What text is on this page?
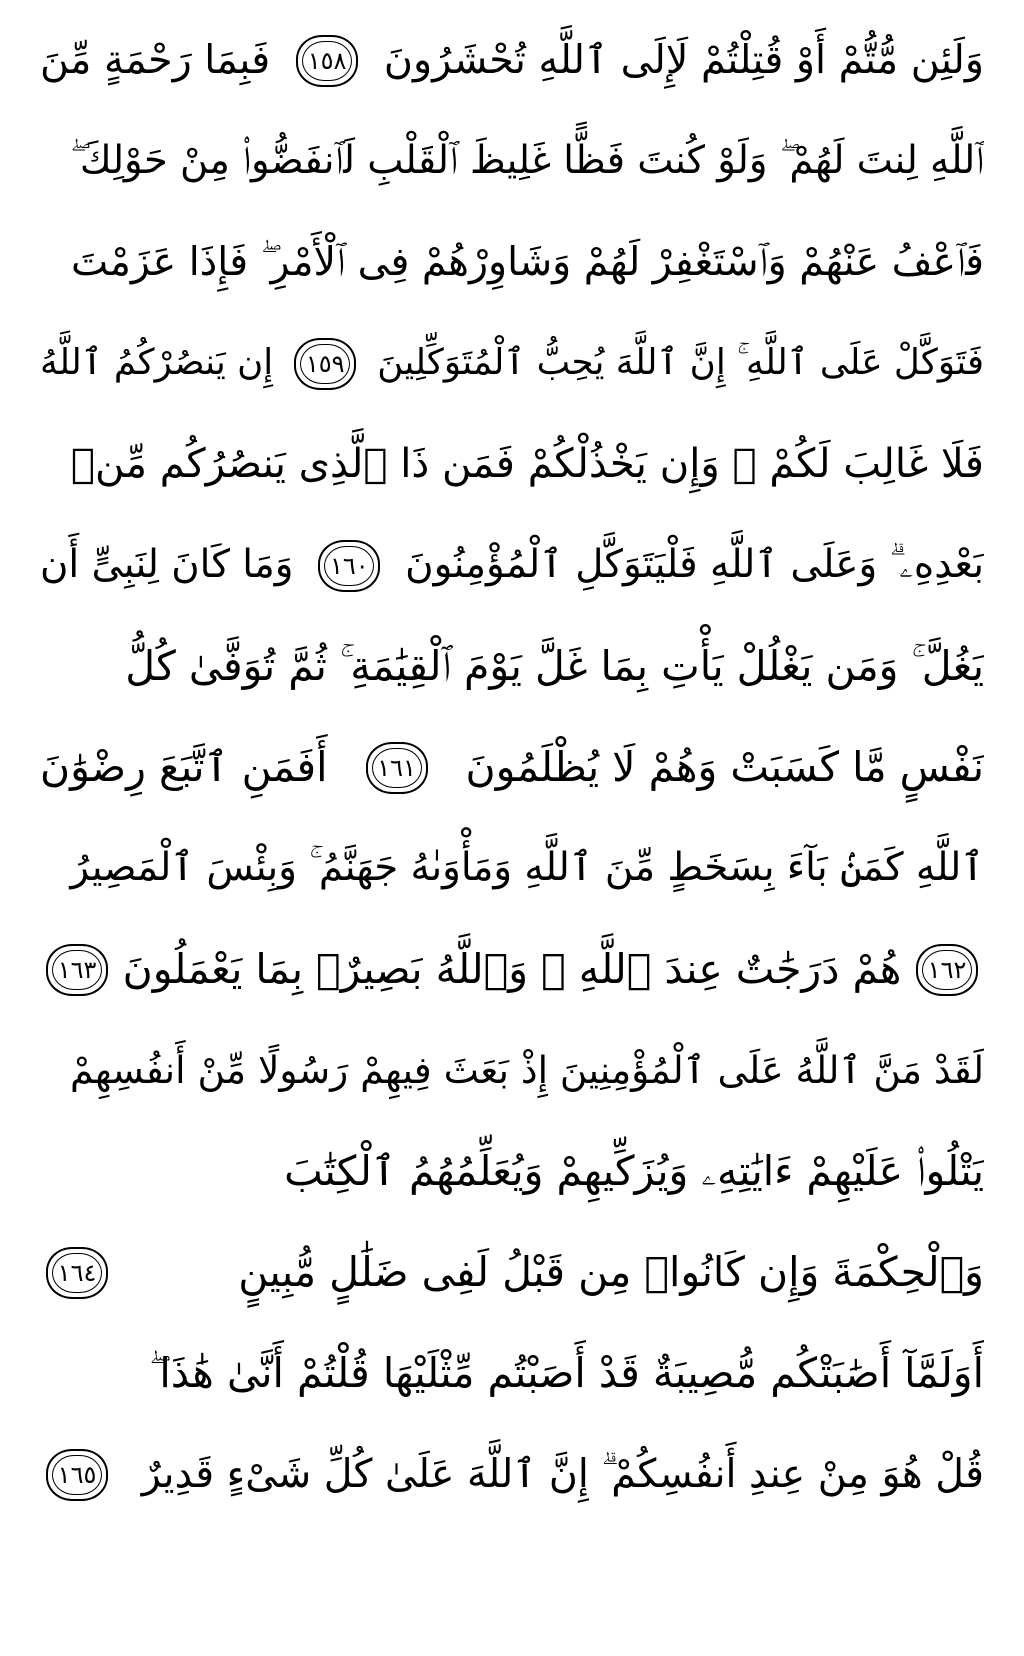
وَلَئِن مُّتُّمْ أَوْ قُتِلْتُمْ لَإِلَى ٱللَّهِ تُحْشَرُونَ
١٥٨
فَبِمَا رَحْمَةٍ مِّنَ
ٱللَّهِ لِنتَ لَهُمْ ۖ وَلَوْ كُنتَ فَظًّا غَلِيظَ ٱلْقَلْبِ لَٱنفَضُّوا۟ مِنْ حَوْلِكَ ۖ
فَٱعْفُ عَنْهُمْ وَٱسْتَغْفِرْ لَهُمْ وَشَاوِرْهُمْ فِى ٱلْأَمْرِ ۖ فَإِذَا عَزَمْتَ
فَتَوَكَّلْ عَلَى ٱللَّهِ ۚ إِنَّ ٱللَّهَ يُحِبُّ ٱلْمُتَوَكِّلِينَ
١٥٩
إِن يَنصُرْكُمُ ٱللَّهُ
فَلَا غَالِبَ لَكُمْ ۖ وَإِن يَخْذُلْكُمْ فَمَن ذَا ٱلَّذِى يَنصُرُكُم مِّنۢ
بَعْدِهِۦ ۗ وَعَلَى ٱللَّهِ فَلْيَتَوَكَّلِ ٱلْمُؤْمِنُونَ
١٦٠
وَمَا كَانَ لِنَبِىٍّ أَن
يَغُلَّ ۚ وَمَن يَغْلُلْ يَأْتِ بِمَا غَلَّ يَوْمَ ٱلْقِيَٰمَةِ ۚ ثُمَّ تُوَفَّىٰ كُلُّ
نَفْسٍ مَّا كَسَبَتْ وَهُمْ لَا يُظْلَمُونَ
١٦١
أَفَمَنِ ٱتَّبَعَ رِضْوَٰنَ
ٱللَّهِ كَمَنۢ بَآءَ بِسَخَطٍ مِّنَ ٱللَّهِ وَمَأْوَىٰهُ جَهَنَّمُ ۚ وَبِئْسَ ٱلْمَصِيرُ
١٦٢
هُمْ دَرَجَٰتٌ عِندَ ٱللَّهِ ۗ وَٱللَّهُ بَصِيرٌۢ بِمَا يَعْمَلُونَ
١٦٣
لَقَدْ مَنَّ ٱللَّهُ عَلَى ٱلْمُؤْمِنِينَ إِذْ بَعَثَ فِيهِمْ رَسُولًا مِّنْ أَنفُسِهِمْ
يَتْلُوا۟ عَلَيْهِمْ ءَايَٰتِهِۦ وَيُزَكِّيهِمْ وَيُعَلِّمُهُمُ ٱلْكِتَٰبَ
وَٱلْحِكْمَةَ وَإِن كَانُوا۟ مِن قَبْلُ لَفِى ضَلَٰلٍ مُّبِينٍ
١٦٤
أَوَلَمَّآ أَصَٰبَتْكُم مُّصِيبَةٌ قَدْ أَصَبْتُم مِّثْلَيْهَا قُلْتُمْ أَنَّىٰ هَٰذَا ۖ
قُلْ هُوَ مِنْ عِندِ أَنفُسِكُمْ ۗ إِنَّ ٱللَّهَ عَلَىٰ كُلِّ شَىْءٍ قَدِيرٌ
١٦٥
